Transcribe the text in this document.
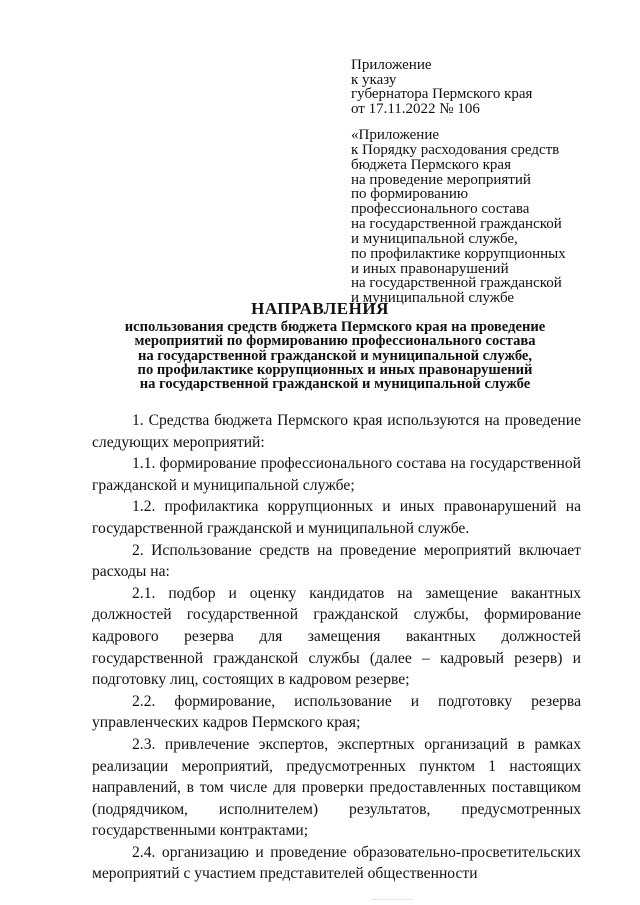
Приложение
к указу
губернатора Пермского края
от 17.11.2022 № 106
«Приложение
к Порядку расходования средств
бюджета Пермского края
на проведение мероприятий
по формированию
профессионального состава
на государственной гражданской
и муниципальной службе,
по профилактике коррупционных
и иных правонарушений
на государственной гражданской
и муниципальной службе
НАПРАВЛЕНИЯ
использования средств бюджета Пермского края на проведение
мероприятий по формированию профессионального состава
на государственной гражданской и муниципальной службе,
по профилактике коррупционных и иных правонарушений
на государственной гражданской и муниципальной службе

1. Средства бюджета Пермского края используются на проведение следующих мероприятий:

1.1. формирование профессионального состава на государственной гражданской и муниципальной службе;

1.2. профилактика коррупционных и иных правонарушений на государственной гражданской и муниципальной службе.

2. Использование средств на проведение мероприятий включает расходы на:

2.1. подбор и оценку кандидатов на замещение вакантных должностей государственной гражданской службы, формирование кадрового резерва для замещения вакантных должностей государственной гражданской службы (далее – кадровый резерв) и подготовку лиц, состоящих в кадровом резерве;

2.2. формирование, использование и подготовку резерва управленческих кадров Пермского края;

2.3. привлечение экспертов, экспертных организаций в рамках реализации мероприятий, предусмотренных пунктом 1 настоящих направлений, в том числе для проверки предоставленных поставщиком (подрядчиком, исполнителем) результатов, предусмотренных государственными контрактами;

2.4. организацию и проведение образовательно-просветительских мероприятий с участием представителей общественности
